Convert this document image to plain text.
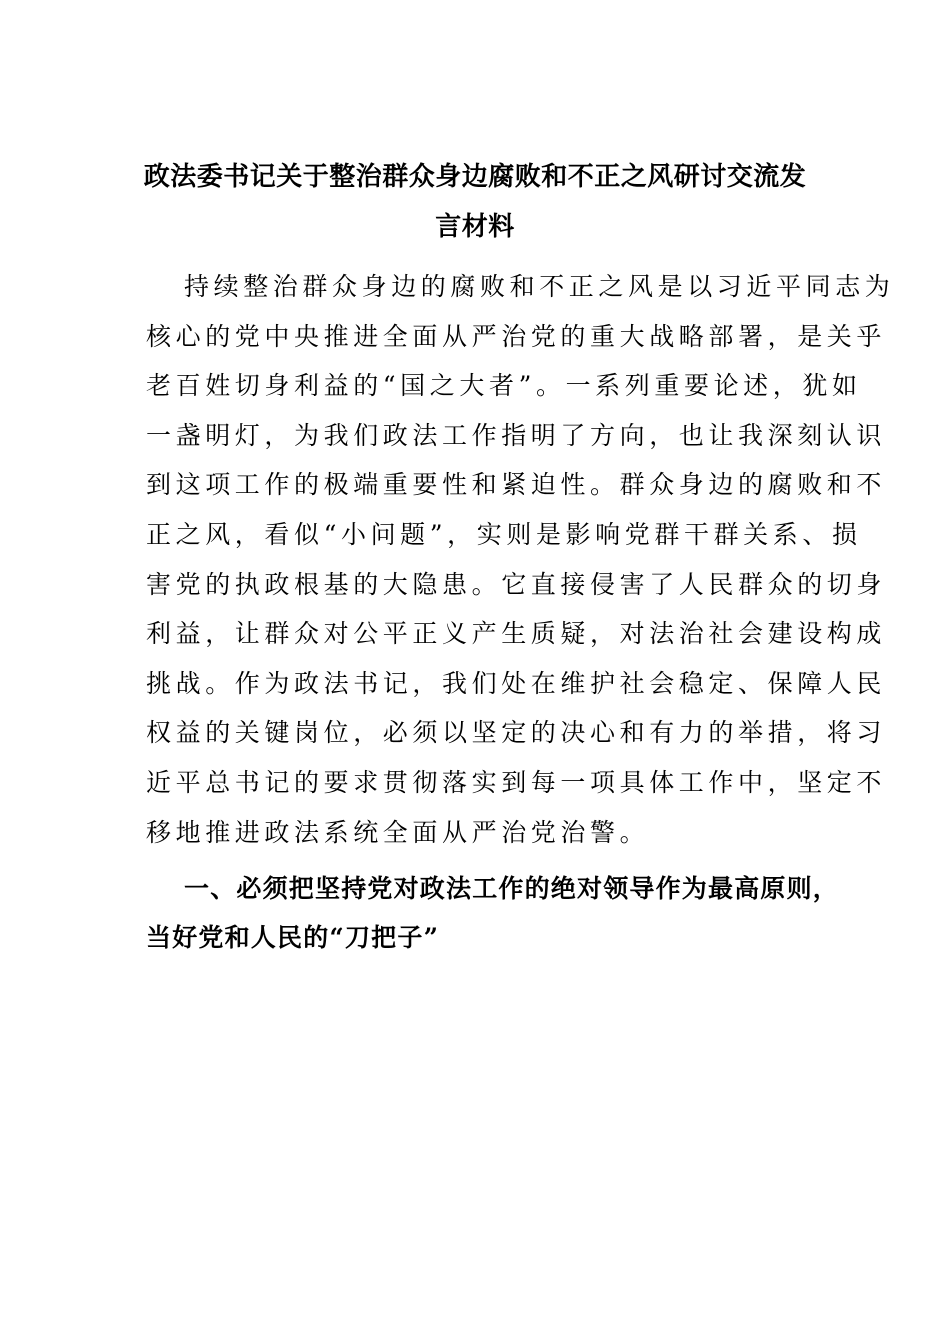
政法委书记关于整治群众身边腐败和不正之风研讨交流发
言材料
持续整治群众身边的腐败和不正之风是以习近平同志为
核心的党中央推进全面从严治党的重大战略部署，是关乎
老百姓切身利益的“国之大者”。一系列重要论述，犹如
一盏明灯，为我们政法工作指明了方向，也让我深刻认识
到这项工作的极端重要性和紧迫性。群众身边的腐败和不
正之风，看似“小问题”，实则是影响党群干群关系、损
害党的执政根基的大隐患。它直接侵害了人民群众的切身
利益，让群众对公平正义产生质疑，对法治社会建设构成
挑战。作为政法书记，我们处在维护社会稳定、保障人民
权益的关键岗位，必须以坚定的决心和有力的举措，将习
近平总书记的要求贯彻落实到每一项具体工作中，坚定不
移地推进政法系统全面从严治党治警。
一、必须把坚持党对政法工作的绝对领导作为最高原则，
当好党和人民的“刀把子”
